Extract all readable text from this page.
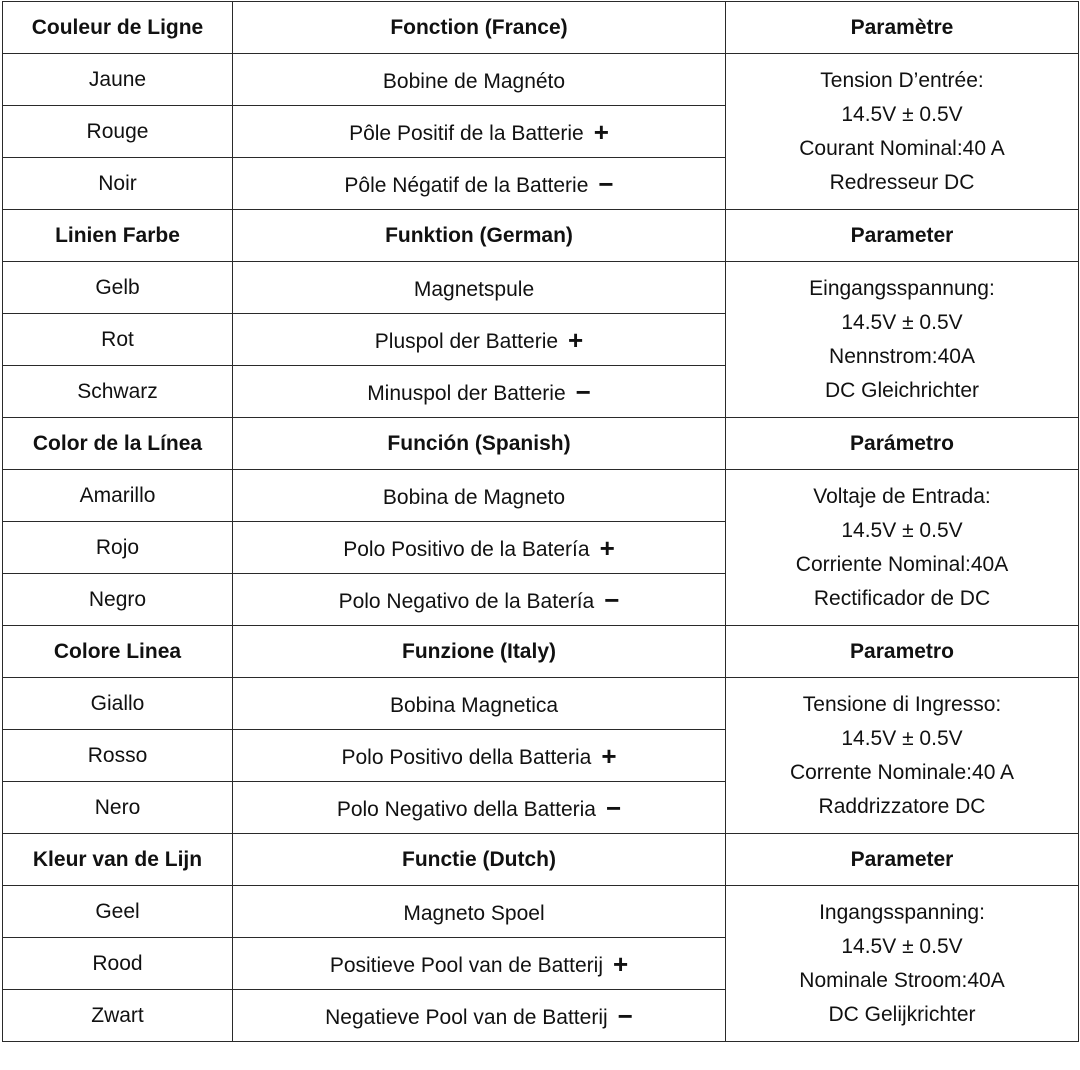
Couleur de Ligne	Fonction (France)	Paramètre
Jaune	Bobine de Magnéto	Tension D’entrée:
14.5V ± 0.5V
Courant Nominal:40 A
Redresseur DC

Rouge	Pôle Positif de la Batterie +	
Noir	Pôle Négatif de la Batterie −	
Linien Farbe	Funktion (German)	Parameter
Gelb	Magnetspule	Eingangsspannung:
14.5V ± 0.5V
Nennstrom:40A
DC Gleichrichter

Rot	Pluspol der Batterie +	
Schwarz	Minuspol der Batterie −	
Color de la Línea	Función (Spanish)	Parámetro
Amarillo	Bobina de Magneto	Voltaje de Entrada:
14.5V ± 0.5V
Corriente Nominal:40A
Rectificador de DC

Rojo	Polo Positivo de la Batería +	
Negro	Polo Negativo de la Batería −	
Colore Linea	Funzione (Italy)	Parametro
Giallo	Bobina Magnetica	Tensione di Ingresso:
14.5V ± 0.5V
Corrente Nominale:40 A
Raddrizzatore DC

Rosso	Polo Positivo della Batteria +	
Nero	Polo Negativo della Batteria −	
Kleur van de Lijn	Functie (Dutch)	Parameter
Geel	Magneto Spoel	Ingangsspanning:
14.5V ± 0.5V
Nominale Stroom:40A
DC Gelijkrichter

Rood	Positieve Pool van de Batterij +	
Zwart	Negatieve Pool van de Batterij −	
